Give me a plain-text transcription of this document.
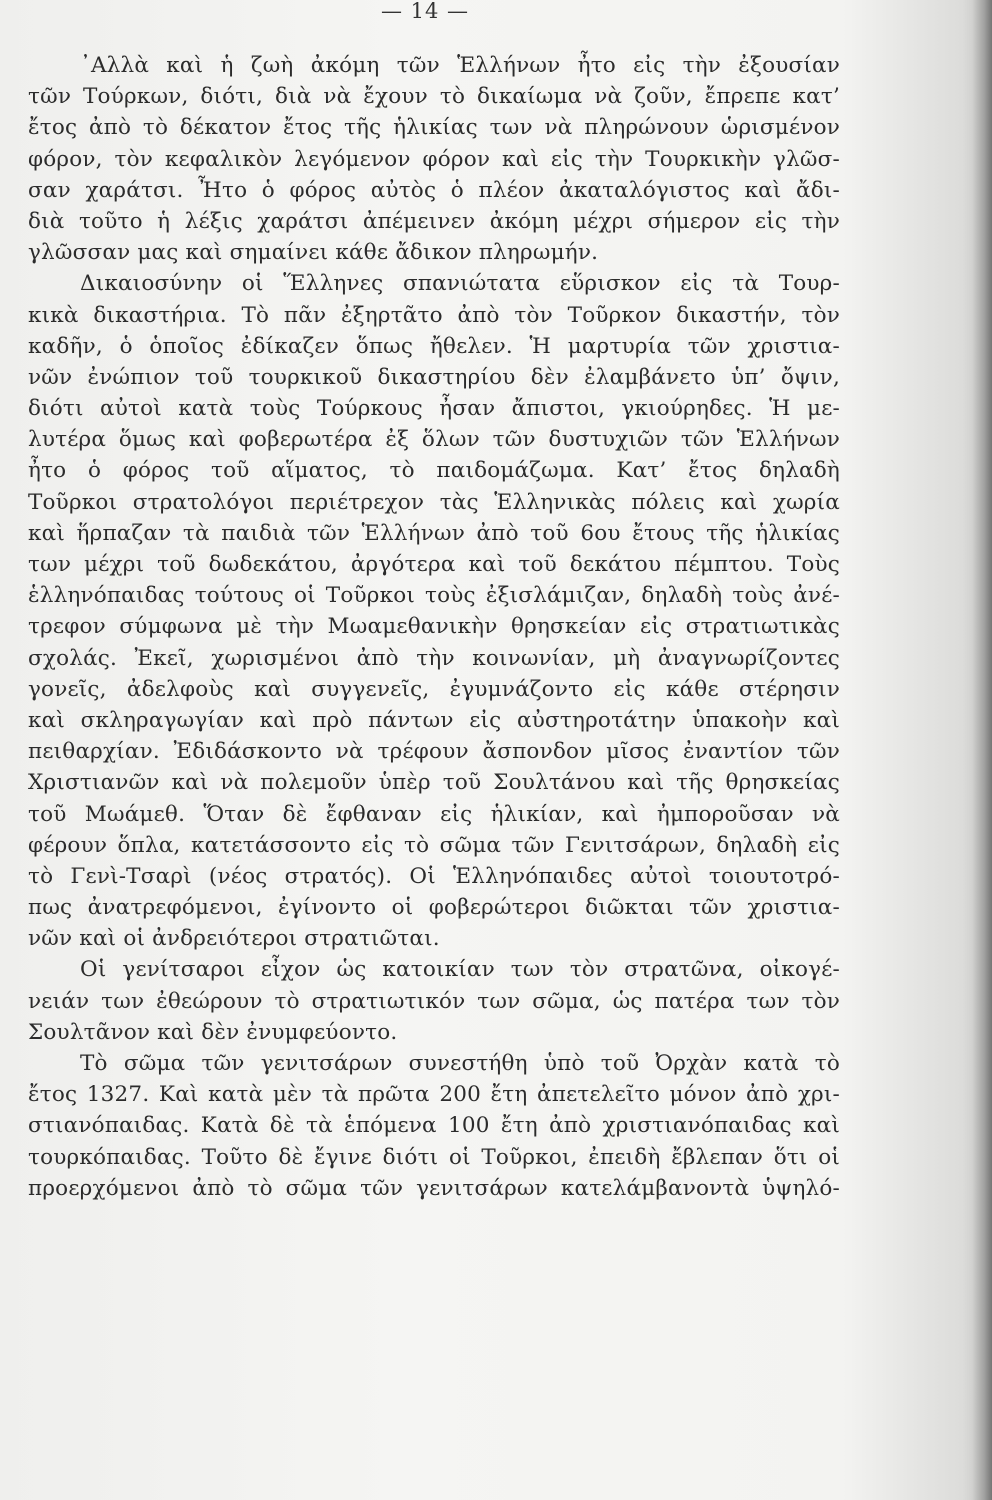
— 14 —
᾿Αλλὰ καὶ ἡ ζωὴ ἀκόμη τῶν Ἑλλήνων ἦτο εἰς τὴν ἐξουσίαν
τῶν Τούρκων, διότι, διὰ νὰ ἔχουν τὸ δικαίωμα νὰ ζοῦν, ἔπρεπε κατ’
ἔτος ἀπὸ τὸ δέκατον ἔτος τῆς ἡλικίας των νὰ πληρώνουν ὡρισμένον
φόρον, τὸν κεφαλικὸν λεγόμενον φόρον καὶ εἰς τὴν Τουρκικὴν γλῶσ-
σαν χαράτσι. Ἦτο ὁ φόρος αὐτὸς ὁ πλέον ἀκαταλόγιστος καὶ ἄδι-
διὰ τοῦτο ἡ λέξις χαράτσι ἀπέμεινεν ἀκόμη μέχρι σήμερον εἰς τὴν
γλῶσσαν μας καὶ σημαίνει κάθε ἄδικον πληρωμήν.
Δικαιοσύνην οἱ Ἕλληνες σπανιώτατα εὕρισκον εἰς τὰ Τουρ-
κικὰ δικαστήρια. Τὸ πᾶν ἐξηρτᾶτο ἀπὸ τὸν Τοῦρκον δικαστήν, τὸν
καδῆν, ὁ ὁποῖος ἐδίκαζεν ὅπως ἤθελεν. Ἡ μαρτυρία τῶν χριστια-
νῶν ἐνώπιον τοῦ τουρκικοῦ δικαστηρίου δὲν ἐλαμβάνετο ὑπ’ ὄψιν,
διότι αὐτοὶ κατὰ τοὺς Τούρκους ἦσαν ἄπιστοι, γκιούρηδες. Ἡ με-
λυτέρα ὅμως καὶ φοβερωτέρα ἐξ ὅλων τῶν δυστυχιῶν τῶν Ἑλλήνων
ἦτο ὁ φόρος τοῦ αἵματος, τὸ παιδομάζωμα. Κατ’ ἔτος δηλαδὴ
Τοῦρκοι στρατολόγοι περιέτρεχον τὰς Ἑλληνικὰς πόλεις καὶ χωρία
καὶ ἥρπαζαν τὰ παιδιὰ τῶν Ἑλλήνων ἀπὸ τοῦ 6ου ἔτους τῆς ἡλικίας
των μέχρι τοῦ δωδεκάτου, ἀργότερα καὶ τοῦ δεκάτου πέμπτου. Τοὺς
ἑλληνόπαιδας τούτους οἱ Τοῦρκοι τοὺς ἐξισλάμιζαν, δηλαδὴ τοὺς ἀνέ-
τρεφον σύμφωνα μὲ τὴν Μωαμεθανικὴν θρησκείαν εἰς στρατιωτικὰς
σχολάς. Ἐκεῖ, χωρισμένοι ἀπὸ τὴν κοινωνίαν, μὴ ἀναγνωρίζοντες
γονεῖς, ἀδελφοὺς καὶ συγγενεῖς, ἐγυμνάζοντο εἰς κάθε στέρησιν
καὶ σκληραγωγίαν καὶ πρὸ πάντων εἰς αὐστηροτάτην ὑπακοὴν καὶ
πειθαρχίαν. Ἐδιδάσκοντο νὰ τρέφουν ἄσπονδον μῖσος ἐναντίον τῶν
Χριστιανῶν καὶ νὰ πολεμοῦν ὑπὲρ τοῦ Σουλτάνου καὶ τῆς θρησκείας
τοῦ Μωάμεθ. Ὅταν δὲ ἔφθαναν εἰς ἡλικίαν, καὶ ἠμποροῦσαν νὰ
φέρουν ὅπλα, κατετάσσοντο εἰς τὸ σῶμα τῶν Γενιτσάρων, δηλαδὴ εἰς
τὸ Γενὶ-Τσαρὶ (νέος στρατός). Οἱ Ἑλληνόπαιδες αὐτοὶ τοιουτοτρό-
πως ἀνατρεφόμενοι, ἐγίνοντο οἱ φοβερώτεροι διῶκται τῶν χριστια-
νῶν καὶ οἱ ἀνδρειότεροι στρατιῶται.
Οἱ γενίτσαροι εἶχον ὡς κατοικίαν των τὸν στρατῶνα, οἰκογέ-
νειάν των ἐθεώρουν τὸ στρατιωτικόν των σῶμα, ὡς πατέρα των τὸν
Σουλτᾶνον καὶ δὲν ἐνυμφεύοντο.
Τὸ σῶμα τῶν γενιτσάρων συνεστήθη ὑπὸ τοῦ Ὀρχὰν κατὰ τὸ
ἔτος 1327. Καὶ κατὰ μὲν τὰ πρῶτα 200 ἔτη ἀπετελεῖτο μόνον ἀπὸ χρι-
στιανόπαιδας. Κατὰ δὲ τὰ ἑπόμενα 100 ἔτη ἀπὸ χριστιανόπαιδας καὶ
τουρκόπαιδας. Τοῦτο δὲ ἔγινε διότι οἱ Τοῦρκοι, ἐπειδὴ ἔβλεπαν ὅτι οἱ
προερχόμενοι ἀπὸ τὸ σῶμα τῶν γενιτσάρων κατελάμβανοντὰ ὑψηλό-
